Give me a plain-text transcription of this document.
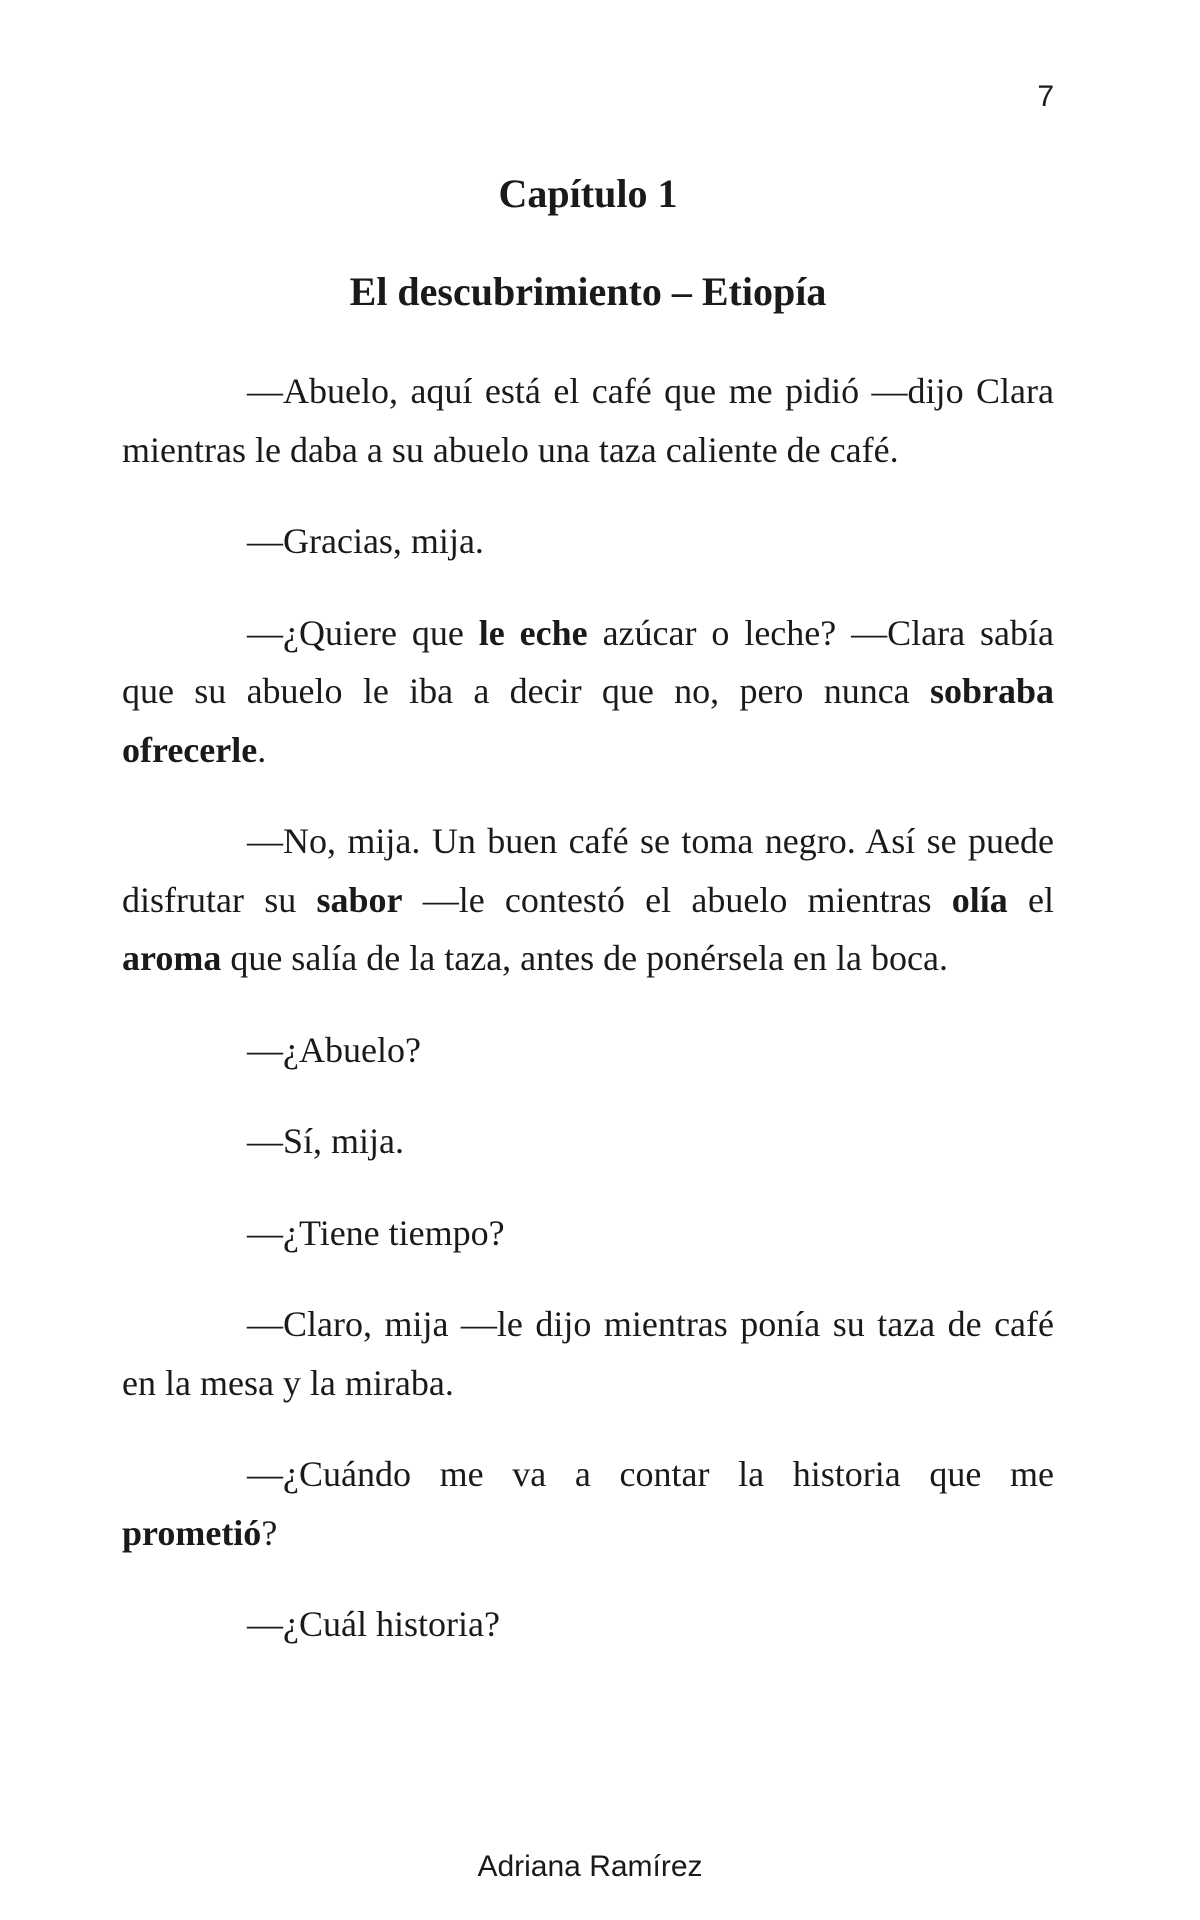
7
Capítulo 1
El descubrimiento – Etiopía

—Abuelo, aquí está el café que me pidió —dijo Clara mientras le daba a su abuelo una taza caliente de café.

—Gracias, mija.

—¿Quiere que le eche azúcar o leche? —Clara sabía que su abuelo le iba a decir que no, pero nunca sobraba ofrecerle.

—No, mija. Un buen café se toma negro. Así se puede disfrutar su sabor —le contestó el abuelo mientras olía el aroma que salía de la taza, antes de ponérsela en la boca.

—¿Abuelo?

—Sí, mija.

—¿Tiene tiempo?

—Claro, mija —le dijo mientras ponía su taza de café en la mesa y la miraba.

—¿Cuándo me va a contar la historia que me prometió?

—¿Cuál historia?

Adriana Ramírez
